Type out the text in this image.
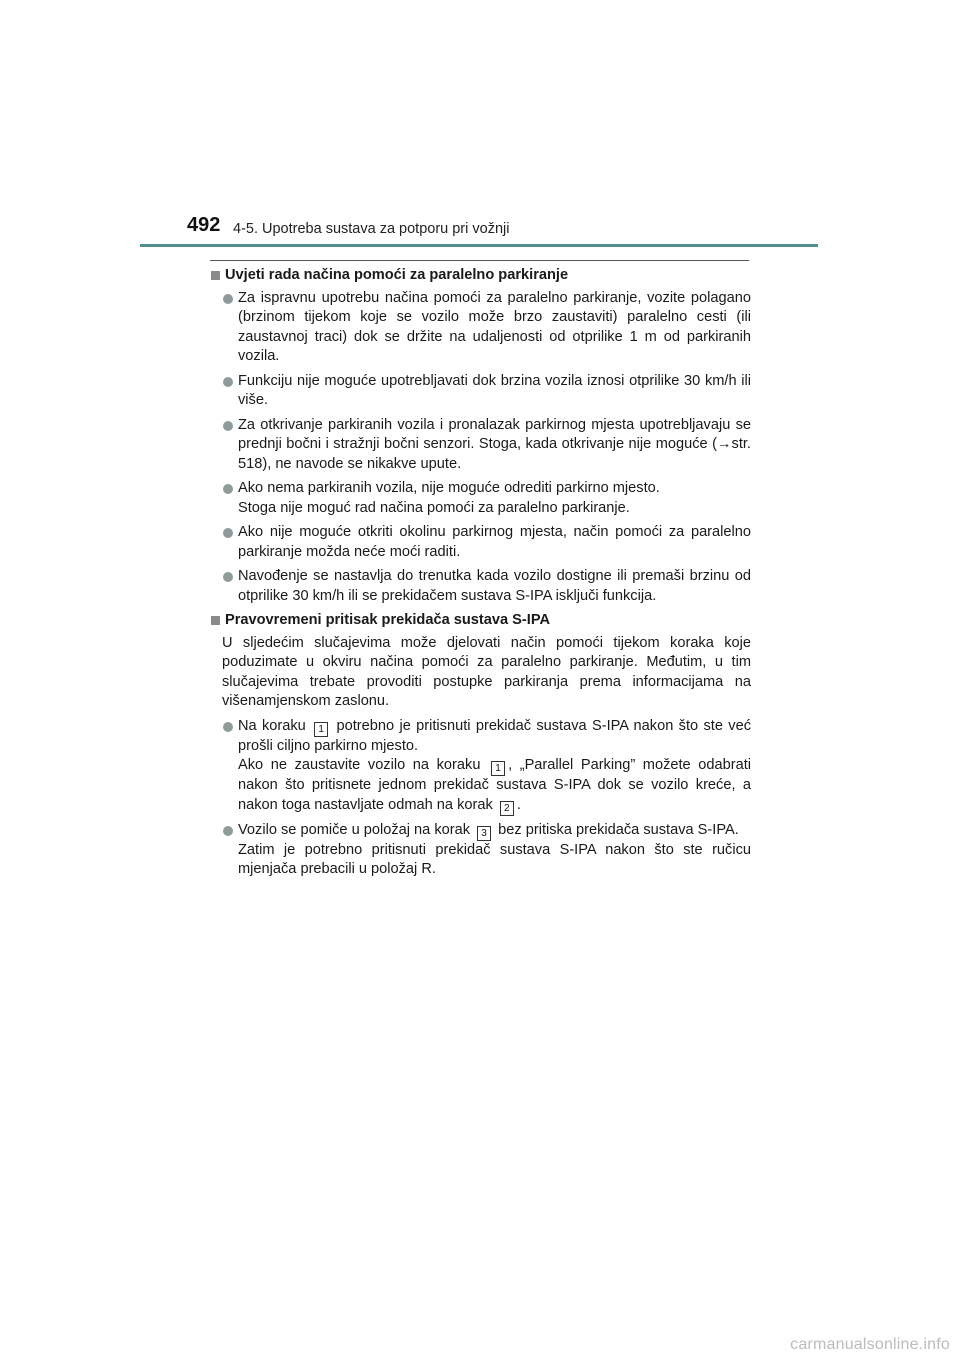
492 4-5. Upotreba sustava za potporu pri vožnji
Uvjeti rada načina pomoći za paralelno parkiranje
Za ispravnu upotrebu načina pomoći za paralelno parkiranje, vozite polagano (brzinom tijekom koje se vozilo može brzo zaustaviti) paralelno cesti (ili zaustavnoj traci) dok se držite na udaljenosti od otprilike 1 m od parkiranih vozila.
Funkciju nije moguće upotrebljavati dok brzina vozila iznosi otprilike 30 km/h ili više.
Za otkrivanje parkiranih vozila i pronalazak parkirnog mjesta upotrebljavaju se prednji bočni i stražnji bočni senzori. Stoga, kada otkrivanje nije moguće (→str. 518), ne navode se nikakve upute.
Ako nema parkiranih vozila, nije moguće odrediti parkirno mjesto.
Stoga nije moguć rad načina pomoći za paralelno parkiranje.
Ako nije moguće otkriti okolinu parkirnog mjesta, način pomoći za paralelno parkiranje možda neće moći raditi.
Navođenje se nastavlja do trenutka kada vozilo dostigne ili premaši brzinu od otprilike 30 km/h ili se prekidačem sustava S-IPA isključi funkcija.
Pravovremeni pritisak prekidača sustava S-IPA
U sljedećim slučajevima može djelovati način pomoći tijekom koraka koje poduzimate u okviru načina pomoći za paralelno parkiranje. Međutim, u tim slučajevima trebate provoditi postupke parkiranja prema informacijama na višenamjenskom zaslonu.
Na koraku 1 potrebno je pritisnuti prekidač sustava S-IPA nakon što ste već prošli ciljno parkirno mjesto.
Ako ne zaustavite vozilo na koraku 1 , „Parallel Parking” možete odabrati nakon što pritisnete jednom prekidač sustava S-IPA dok se vozilo kreće, a nakon toga nastavljate odmah na korak 2 .
Vozilo se pomiče u položaj na korak 3 bez pritiska prekidača sustava S-IPA.
Zatim je potrebno pritisnuti prekidač sustava S-IPA nakon što ste ručicu mjenjača prebacili u položaj R.
carmanualsonline.info
